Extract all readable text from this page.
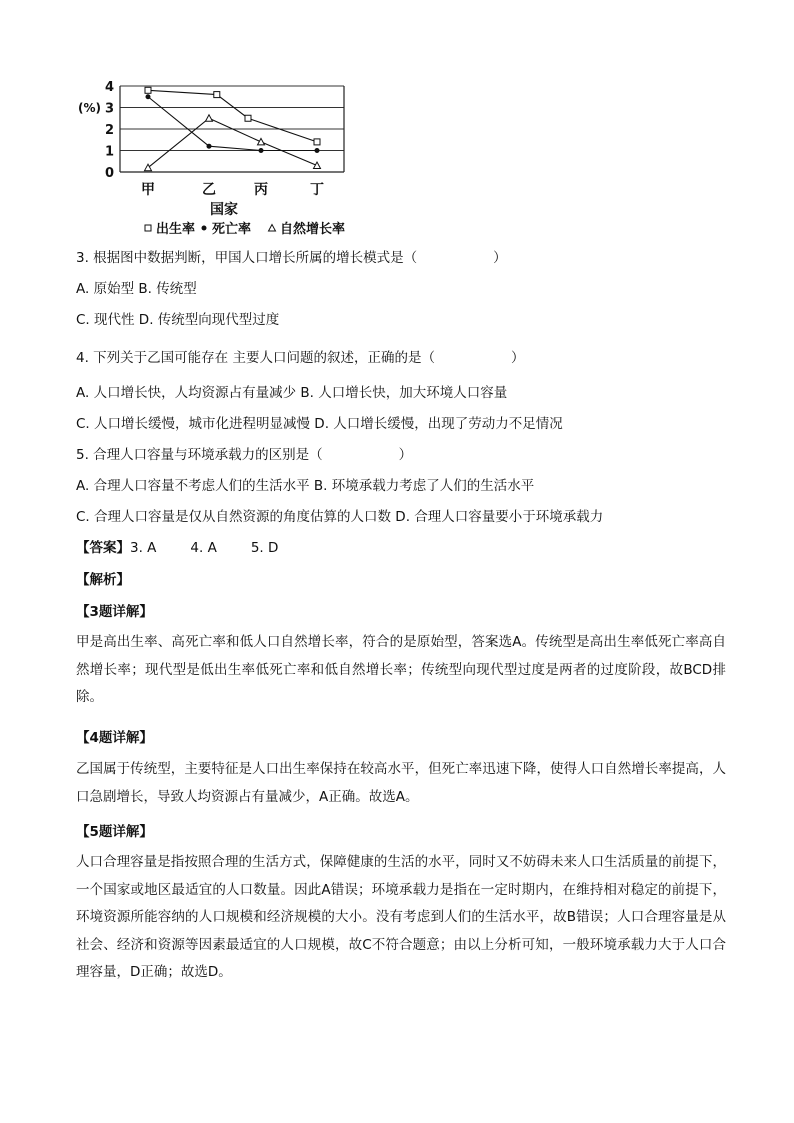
0
1
2
3
4
(%)
甲	乙	丙	丁
国家
出生率 死亡率 自然增长率
3. 根据图中数据判断，甲国人口增长所属的增长模式是（	）
A. 原始型 B. 传统型
C. 现代性 D. 传统型向现代型过度
4. 下列关于乙国可能存在 主要人口问题的叙述，正确的是（	）
A. 人口增长快，人均资源占有量减少 B. 人口增长快，加大环境人口容量
C. 人口增长缓慢，城市化进程明显减慢 D. 人口增长缓慢，出现了劳动力不足情况
5. 合理人口容量与环境承载力的区别是（	）
A. 合理人口容量不考虑人们的生活水平 B. 环境承载力考虑了人们的生活水平
C. 合理人口容量是仅从自然资源的角度估算的人口数 D. 合理人口容量要小于环境承载力
【答案】3. A	4. A	5. D
【解析】
【3题详解】
甲是高出生率、高死亡率和低人口自然增长率，符合的是原始型，答案选A。传统型是高出生率低死亡率高自然增长率；现代型是低出生率低死亡率和低自然增长率；传统型向现代型过度是两者的过度阶段，故BCD排除。
【4题详解】
乙国属于传统型，主要特征是人口出生率保持在较高水平，但死亡率迅速下降，使得人口自然增长率提高，人口急剧增长，导致人均资源占有量减少，A正确。故选A。
【5题详解】
人口合理容量是指按照合理的生活方式，保障健康的生活的水平，同时又不妨碍未来人口生活质量的前提下，一个国家或地区最适宜的人口数量。因此A错误；环境承载力是指在一定时期内，在维持相对稳定的前提下，环境资源所能容纳的人口规模和经济规模的大小。没有考虑到人们的生活水平，故B错误；人口合理容量是从社会、经济和资源等因素最适宜的人口规模，故C不符合题意；由以上分析可知，一般环境承载力大于人口合理容量，D正确；故选D。
